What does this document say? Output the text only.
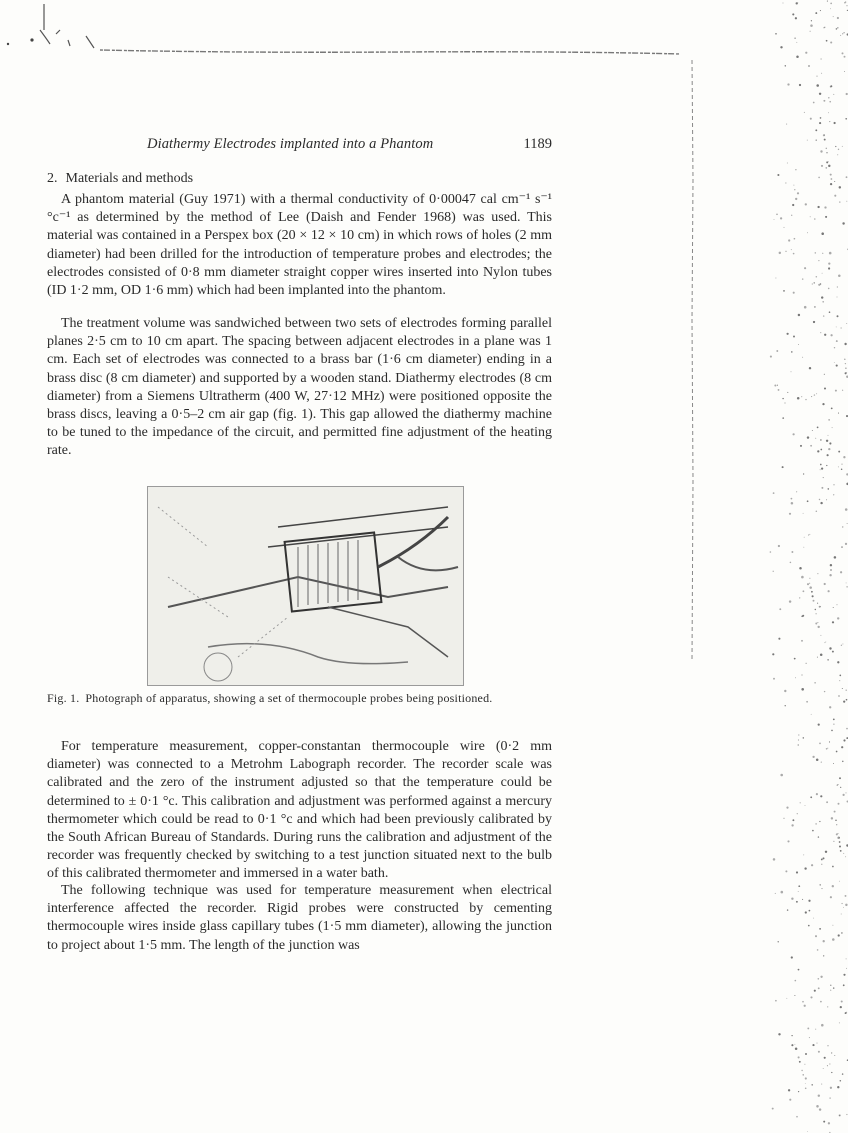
Diathermy Electrodes implanted into a Phantom	1189
2. Materials and methods

A phantom material (Guy 1971) with a thermal conductivity of 0·00047 cal cm⁻¹ s⁻¹ °c⁻¹ as determined by the method of Lee (Daish and Fender 1968) was used. This material was contained in a Perspex box (20 × 12 × 10 cm) in which rows of holes (2 mm diameter) had been drilled for the introduction of temperature probes and electrodes; the electrodes consisted of 0·8 mm diameter straight copper wires inserted into Nylon tubes (ID 1·2 mm, OD 1·6 mm) which had been implanted into the phantom.

The treatment volume was sandwiched between two sets of electrodes forming parallel planes 2·5 cm to 10 cm apart. The spacing between adjacent electrodes in a plane was 1 cm. Each set of electrodes was connected to a brass bar (1·6 cm diameter) ending in a brass disc (8 cm diameter) and supported by a wooden stand. Diathermy electrodes (8 cm diameter) from a Siemens Ultratherm (400 W, 27·12 MHz) were positioned opposite the brass discs, leaving a 0·5–2 cm air gap (fig. 1). This gap allowed the diathermy machine to be tuned to the impedance of the circuit, and permitted fine adjustment of the heating rate.

Fig. 1. Photograph of apparatus, showing a set of thermocouple probes being positioned.

For temperature measurement, copper-constantan thermocouple wire (0·2 mm diameter) was connected to a Metrohm Labograph recorder. The recorder scale was calibrated and the zero of the instrument adjusted so that the temperature could be determined to ± 0·1 °c. This calibration and adjustment was performed against a mercury thermometer which could be read to 0·1 °c and which had been previously calibrated by the South African Bureau of Standards. During runs the calibration and adjustment of the recorder was frequently checked by switching to a test junction situated next to the bulb of this calibrated thermometer and immersed in a water bath.

The following technique was used for temperature measurement when electrical interference affected the recorder. Rigid probes were constructed by cementing thermocouple wires inside glass capillary tubes (1·5 mm diameter), allowing the junction to project about 1·5 mm. The length of the junction was
